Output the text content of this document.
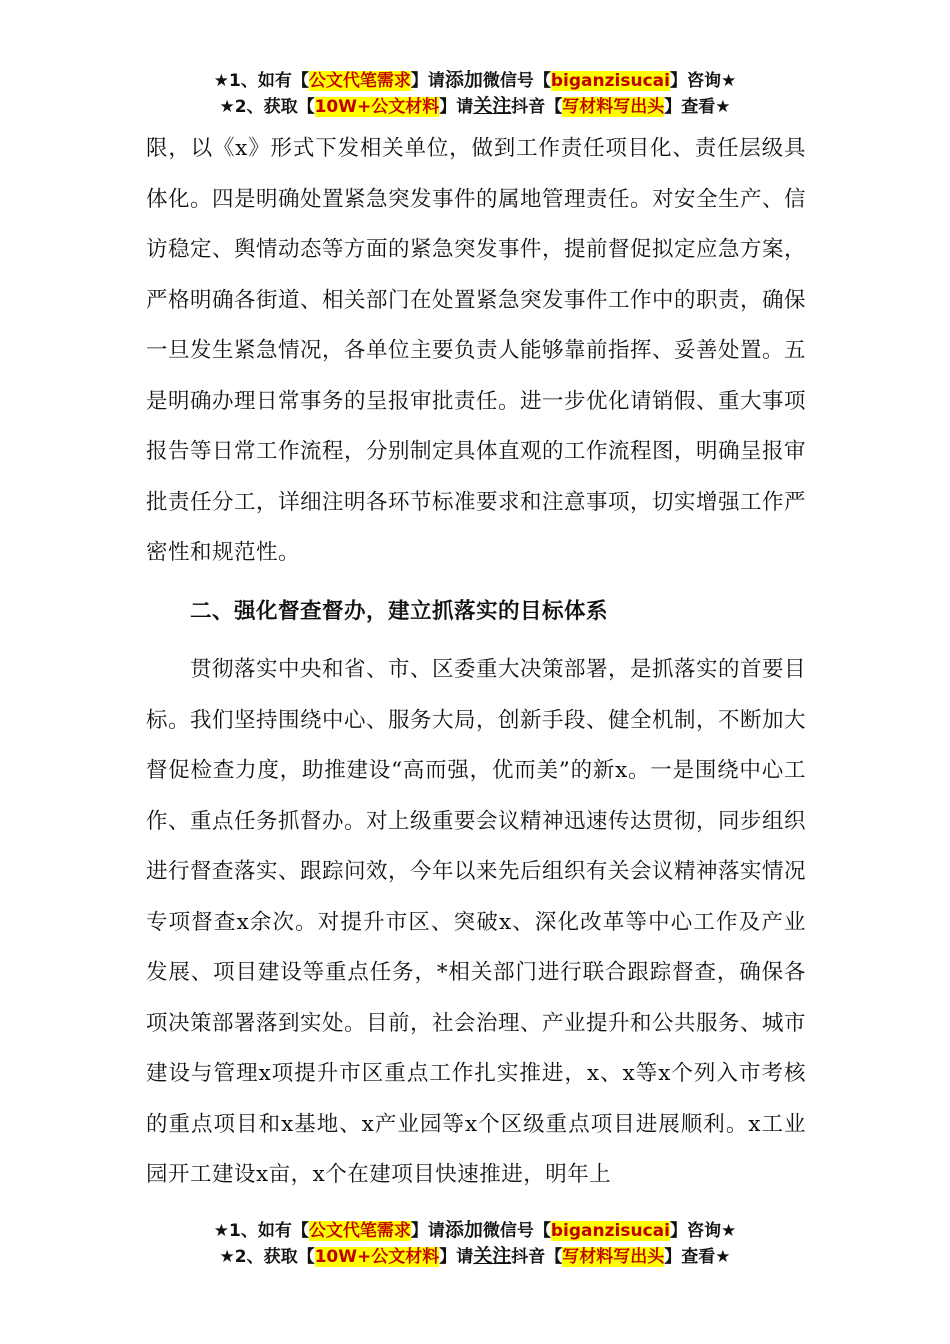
★1、如有【公文代笔需求】请添加微信号【biganzisucai】咨询★
★2、获取【10W+公文材料】请关注抖音【写材料写出头】查看★

限，以《x》形式下发相关单位，做到工作责任项目化、责任层级具体化。四是明确处置紧急突发事件的属地管理责任。对安全生产、信访稳定、舆情动态等方面的紧急突发事件，提前督促拟定应急方案，严格明确各街道、相关部门在处置紧急突发事件工作中的职责，确保一旦发生紧急情况，各单位主要负责人能够靠前指挥、妥善处置。五是明确办理日常事务的呈报审批责任。进一步优化请销假、重大事项报告等日常工作流程，分别制定具体直观的工作流程图，明确呈报审批责任分工，详细注明各环节标准要求和注意事项，切实增强工作严密性和规范性。

二、强化督查督办，建立抓落实的目标体系

贯彻落实中央和省、市、区委重大决策部署，是抓落实的首要目标。我们坚持围绕中心、服务大局，创新手段、健全机制，不断加大督促检查力度，助推建设“高而强，优而美”的新x。一是围绕中心工作、重点任务抓督办。对上级重要会议精神迅速传达贯彻，同步组织进行督查落实、跟踪问效，今年以来先后组织有关会议精神落实情况专项督查x余次。对提升市区、突破x、深化改革等中心工作及产业发展、项目建设等重点任务，*相关部门进行联合跟踪督查，确保各项决策部署落到实处。目前，社会治理、产业提升和公共服务、城市建设与管理x项提升市区重点工作扎实推进，x、x等x个列入市考核的重点项目和x基地、x产业园等x个区级重点项目进展顺利。x工业园开工建设x亩，x个在建项目快速推进，明年上

★1、如有【公文代笔需求】请添加微信号【biganzisucai】咨询★
★2、获取【10W+公文材料】请关注抖音【写材料写出头】查看★
